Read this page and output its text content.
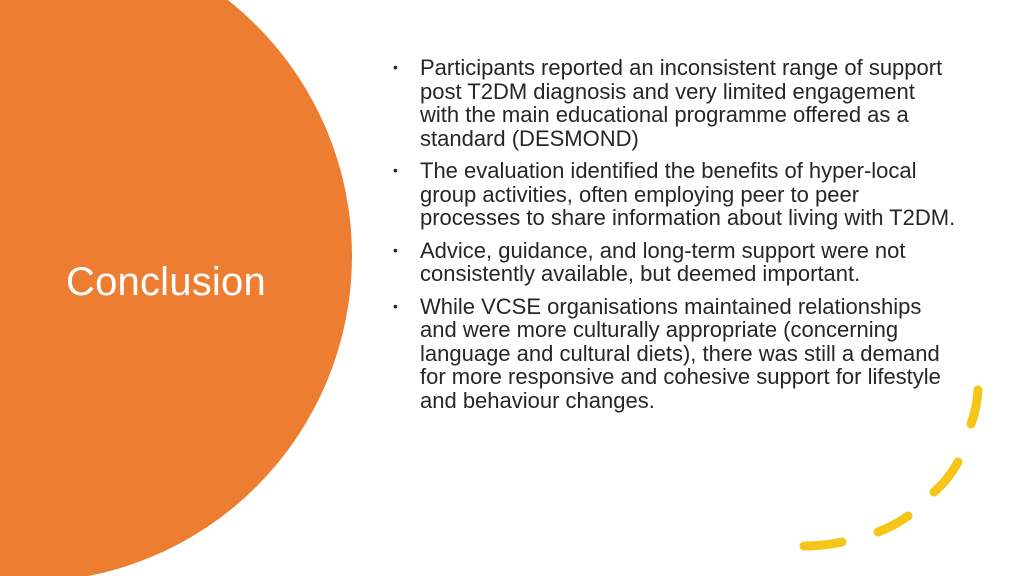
Conclusion
• Participants reported an inconsistent range of support post T2DM diagnosis and very limited engagement with the main educational programme offered as a standard (DESMOND)
• The evaluation identified the benefits of hyper-local group activities, often employing peer to peer processes to share information about living with T2DM.
• Advice, guidance, and long-term support were not consistently available, but deemed important.
• While VCSE organisations maintained relationships and were more culturally appropriate (concerning language and cultural diets), there was still a demand for more responsive and cohesive support for lifestyle and behaviour changes.
